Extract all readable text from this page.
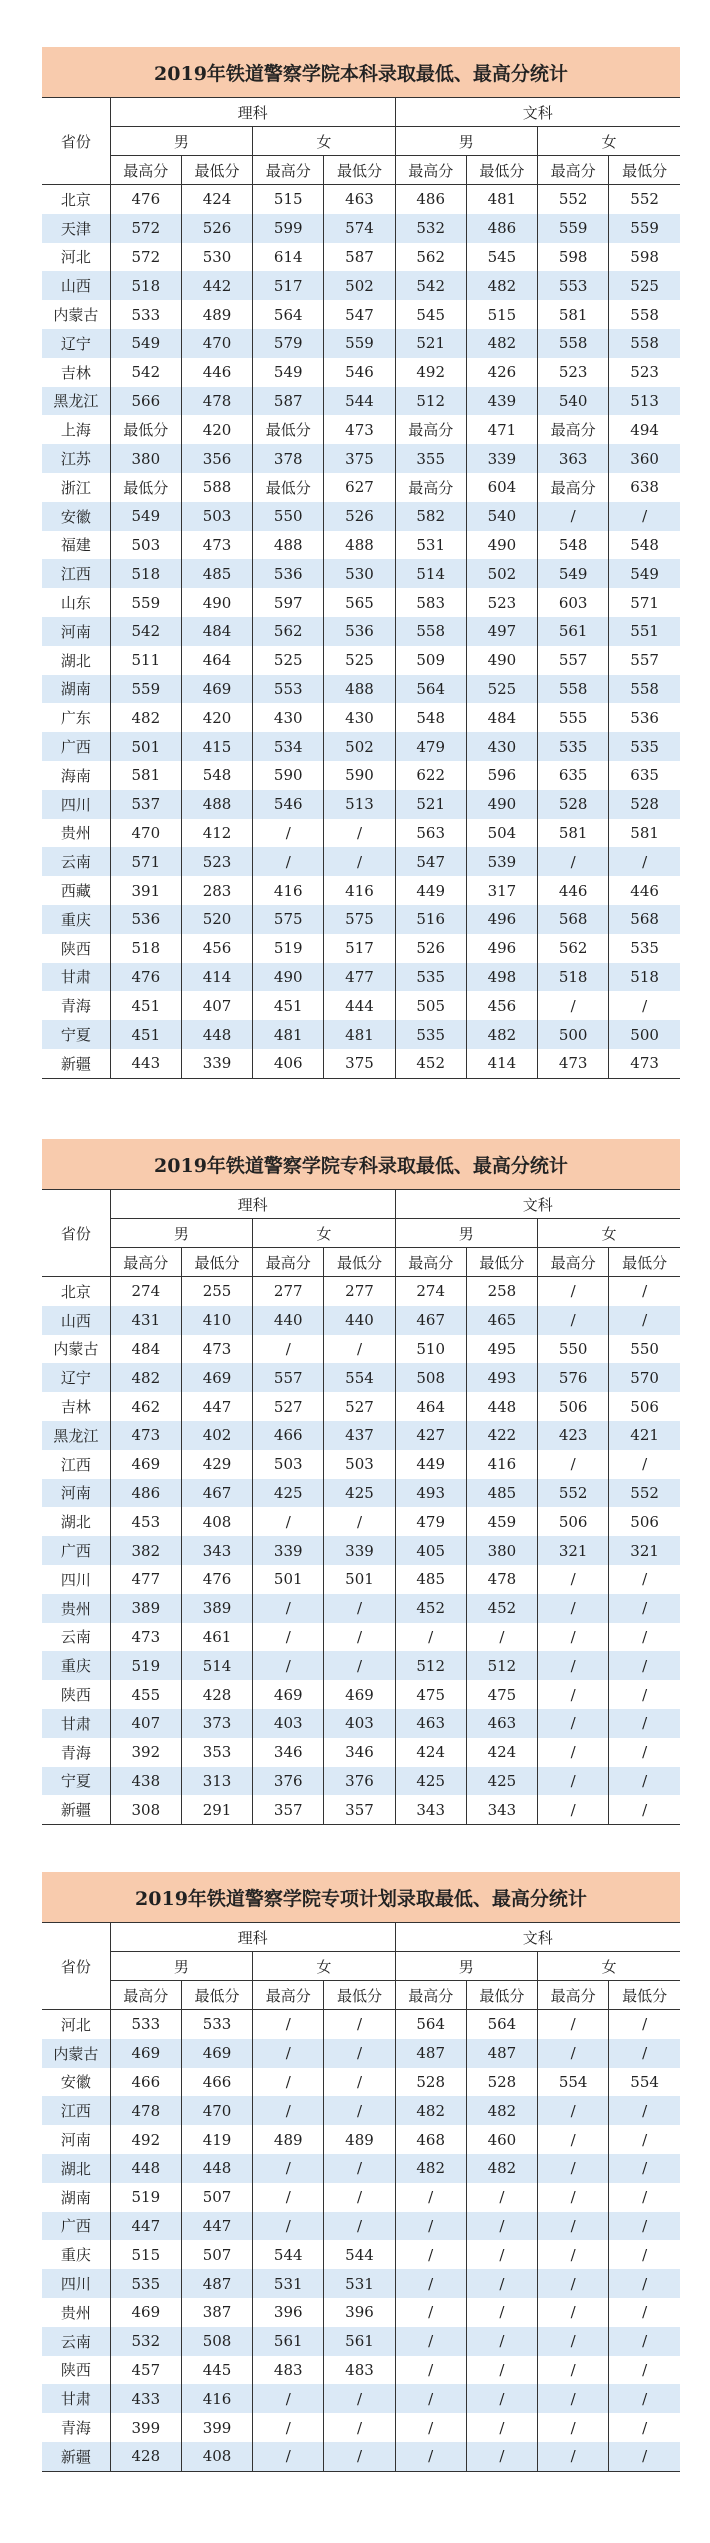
2019年铁道警察学院本科录取最低、最高分统计
省份	理科				文科			
	男		女		男		女	
	最高分	最低分	最高分	最低分	最高分	最低分	最高分	最低分
北京	476	424	515	463	486	481	552	552
天津	572	526	599	574	532	486	559	559
河北	572	530	614	587	562	545	598	598
山西	518	442	517	502	542	482	553	525
内蒙古	533	489	564	547	545	515	581	558
辽宁	549	470	579	559	521	482	558	558
吉林	542	446	549	546	492	426	523	523
黑龙江	566	478	587	544	512	439	540	513
上海	最低分	420	最低分	473	最高分	471	最高分	494
江苏	380	356	378	375	355	339	363	360
浙江	最低分	588	最低分	627	最高分	604	最高分	638
安徽	549	503	550	526	582	540	/	/
福建	503	473	488	488	531	490	548	548
江西	518	485	536	530	514	502	549	549
山东	559	490	597	565	583	523	603	571
河南	542	484	562	536	558	497	561	551
湖北	511	464	525	525	509	490	557	557
湖南	559	469	553	488	564	525	558	558
广东	482	420	430	430	548	484	555	536
广西	501	415	534	502	479	430	535	535
海南	581	548	590	590	622	596	635	635
四川	537	488	546	513	521	490	528	528
贵州	470	412	/	/	563	504	581	581
云南	571	523	/	/	547	539	/	/
西藏	391	283	416	416	449	317	446	446
重庆	536	520	575	575	516	496	568	568
陕西	518	456	519	517	526	496	562	535
甘肃	476	414	490	477	535	498	518	518
青海	451	407	451	444	505	456	/	/
宁夏	451	448	481	481	535	482	500	500
新疆	443	339	406	375	452	414	473	473
2019年铁道警察学院专科录取最低、最高分统计
省份	理科				文科			
	男		女		男		女	
	最高分	最低分	最高分	最低分	最高分	最低分	最高分	最低分
北京	274	255	277	277	274	258	/	/
山西	431	410	440	440	467	465	/	/
内蒙古	484	473	/	/	510	495	550	550
辽宁	482	469	557	554	508	493	576	570
吉林	462	447	527	527	464	448	506	506
黑龙江	473	402	466	437	427	422	423	421
江西	469	429	503	503	449	416	/	/
河南	486	467	425	425	493	485	552	552
湖北	453	408	/	/	479	459	506	506
广西	382	343	339	339	405	380	321	321
四川	477	476	501	501	485	478	/	/
贵州	389	389	/	/	452	452	/	/
云南	473	461	/	/	/	/	/	/
重庆	519	514	/	/	512	512	/	/
陕西	455	428	469	469	475	475	/	/
甘肃	407	373	403	403	463	463	/	/
青海	392	353	346	346	424	424	/	/
宁夏	438	313	376	376	425	425	/	/
新疆	308	291	357	357	343	343	/	/
2019年铁道警察学院专项计划录取最低、最高分统计
省份	理科				文科			
	男		女		男		女	
	最高分	最低分	最高分	最低分	最高分	最低分	最高分	最低分
河北	533	533	/	/	564	564	/	/
内蒙古	469	469	/	/	487	487	/	/
安徽	466	466	/	/	528	528	554	554
江西	478	470	/	/	482	482	/	/
河南	492	419	489	489	468	460	/	/
湖北	448	448	/	/	482	482	/	/
湖南	519	507	/	/	/	/	/	/
广西	447	447	/	/	/	/	/	/
重庆	515	507	544	544	/	/	/	/
四川	535	487	531	531	/	/	/	/
贵州	469	387	396	396	/	/	/	/
云南	532	508	561	561	/	/	/	/
陕西	457	445	483	483	/	/	/	/
甘肃	433	416	/	/	/	/	/	/
青海	399	399	/	/	/	/	/	/
新疆	428	408	/	/	/	/	/	/
